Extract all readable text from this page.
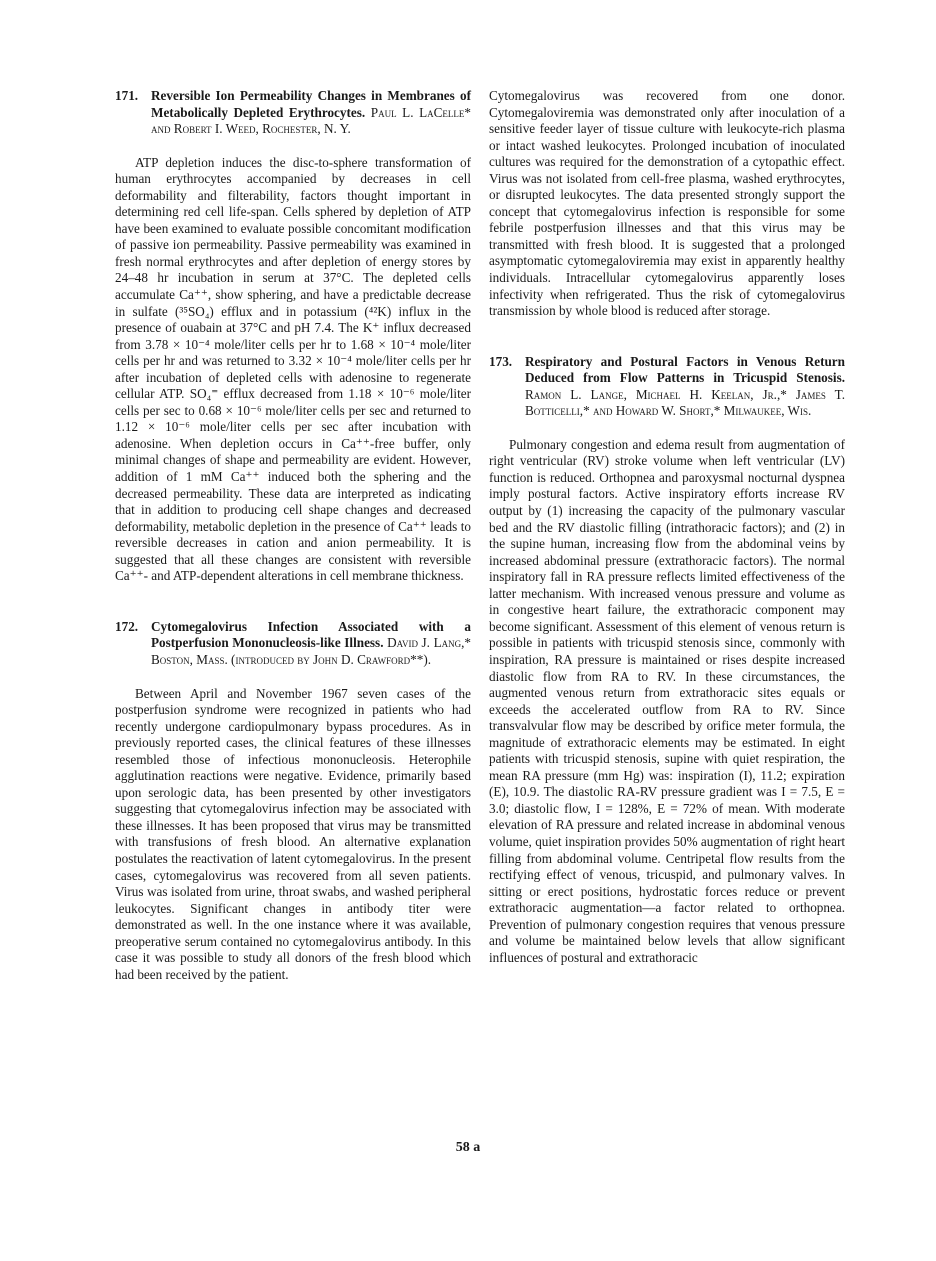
171. Reversible Ion Permeability Changes in Membranes of Metabolically Depleted Erythrocytes. Paul L. LaCelle* and Robert I. Weed, Rochester, N. Y.

ATP depletion induces the disc-to-sphere transformation of human erythrocytes accompanied by decreases in cell deformability and filterability, factors thought important in determining red cell life-span. Cells sphered by depletion of ATP have been examined to evaluate possible concomitant modification of passive ion permeability. Passive permeability was examined in fresh normal erythrocytes and after depletion of energy stores by 24–48 hr incubation in serum at 37°C. The depleted cells accumulate Ca⁺⁺, show sphering, and have a predictable decrease in sulfate (³⁵SO₄) efflux and in potassium (⁴²K) influx in the presence of ouabain at 37°C and pH 7.4. The K⁺ influx decreased from 3.78 × 10⁻⁴ mole/liter cells per hr to 1.68 × 10⁻⁴ mole/liter cells per hr and was returned to 3.32 × 10⁻⁴ mole/liter cells per hr after incubation of depleted cells with adenosine to regenerate cellular ATP. SO₄⁼ efflux decreased from 1.18 × 10⁻⁶ mole/liter cells per sec to 0.68 × 10⁻⁶ mole/liter cells per sec and returned to 1.12 × 10⁻⁶ mole/liter cells per sec after incubation with adenosine. When depletion occurs in Ca⁺⁺-free buffer, only minimal changes of shape and permeability are evident. However, addition of 1 mM Ca⁺⁺ induced both the sphering and the decreased permeability. These data are interpreted as indicating that in addition to producing cell shape changes and decreased deformability, metabolic depletion in the presence of Ca⁺⁺ leads to reversible decreases in cation and anion permeability. It is suggested that all these changes are consistent with reversible Ca⁺⁺- and ATP-dependent alterations in cell membrane thickness.

172. Cytomegalovirus Infection Associated with a Postperfusion Mononucleosis-like Illness. David J. Lang,* Boston, Mass. (introduced by John D. Crawford**).

Between April and November 1967 seven cases of the postperfusion syndrome were recognized in patients who had recently undergone cardiopulmonary bypass procedures. As in previously reported cases, the clinical features of these illnesses resembled those of infectious mononucleosis. Heterophile agglutination reactions were negative. Evidence, primarily based upon serologic data, has been presented by other investigators suggesting that cytomegalovirus infection may be associated with these illnesses. It has been proposed that virus may be transmitted with transfusions of fresh blood. An alternative explanation postulates the reactivation of latent cytomegalovirus. In the present cases, cytomegalovirus was recovered from all seven patients. Virus was isolated from urine, throat swabs, and washed peripheral leukocytes. Significant changes in antibody titer were demonstrated as well. In the one instance where it was available, preoperative serum contained no cytomegalovirus antibody. In this case it was possible to study all donors of the fresh blood which had been received by the patient.

Cytomegalovirus was recovered from one donor. Cytomegaloviremia was demonstrated only after inoculation of a sensitive feeder layer of tissue culture with leukocyte-rich plasma or intact washed leukocytes. Prolonged incubation of inoculated cultures was required for the demonstration of a cytopathic effect. Virus was not isolated from cell-free plasma, washed erythrocytes, or disrupted leukocytes. The data presented strongly support the concept that cytomegalovirus infection is responsible for some febrile postperfusion illnesses and that this virus may be transmitted with fresh blood. It is suggested that a prolonged asymptomatic cytomegaloviremia may exist in apparently healthy individuals. Intracellular cytomegalovirus apparently loses infectivity when refrigerated. Thus the risk of cytomegalovirus transmission by whole blood is reduced after storage.

173. Respiratory and Postural Factors in Venous Return Deduced from Flow Patterns in Tricuspid Stenosis. Ramon L. Lange, Michael H. Keelan, Jr.,* James T. Botticelli,* and Howard W. Short,* Milwaukee, Wis.

Pulmonary congestion and edema result from augmentation of right ventricular (RV) stroke volume when left ventricular (LV) function is reduced. Orthopnea and paroxysmal nocturnal dyspnea imply postural factors. Active inspiratory efforts increase RV output by (1) increasing the capacity of the pulmonary vascular bed and the RV diastolic filling (intrathoracic factors); and (2) in the supine human, increasing flow from the abdominal veins by increased abdominal pressure (extrathoracic factors). The normal inspiratory fall in RA pressure reflects limited effectiveness of the latter mechanism. With increased venous pressure and volume as in congestive heart failure, the extrathoracic component may become significant. Assessment of this element of venous return is possible in patients with tricuspid stenosis since, commonly with inspiration, RA pressure is maintained or rises despite increased diastolic flow from RA to RV. In these circumstances, the augmented venous return from extrathoracic sites equals or exceeds the accelerated outflow from RA to RV. Since transvalvular flow may be described by orifice meter formula, the magnitude of extrathoracic elements may be estimated. In eight patients with tricuspid stenosis, supine with quiet respiration, the mean RA pressure (mm Hg) was: inspiration (I), 11.2; expiration (E), 10.9. The diastolic RA-RV pressure gradient was I = 7.5, E = 3.0; diastolic flow, I = 128%, E = 72% of mean. With moderate elevation of RA pressure and related increase in abdominal venous volume, quiet inspiration provides 50% augmentation of right heart filling from abdominal volume. Centripetal flow results from the rectifying effect of venous, tricuspid, and pulmonary valves. In sitting or erect positions, hydrostatic forces reduce or prevent extrathoracic augmentation—a factor related to orthopnea. Prevention of pulmonary congestion requires that venous pressure and volume be maintained below levels that allow significant influences of postural and extrathoracic

58 a
